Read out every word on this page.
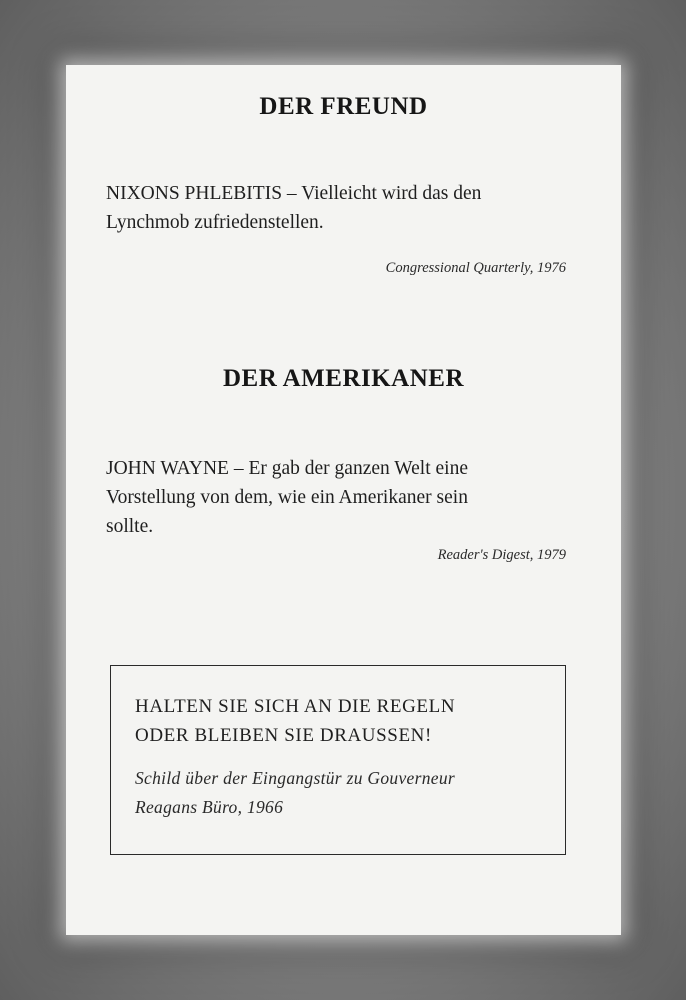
DER FREUND
NIXONS PHLEBITIS – Vielleicht wird das den
Lynchmob zufriedenstellen.
Congressional Quarterly, 1976
DER AMERIKANER
JOHN WAYNE – Er gab der ganzen Welt eine
Vorstellung von dem, wie ein Amerikaner sein
sollte.
Reader's Digest, 1979
HALTEN SIE SICH AN DIE REGELN
ODER BLEIBEN SIE DRAUSSEN!
Schild über der Eingangstür zu Gouverneur
Reagans Büro, 1966
